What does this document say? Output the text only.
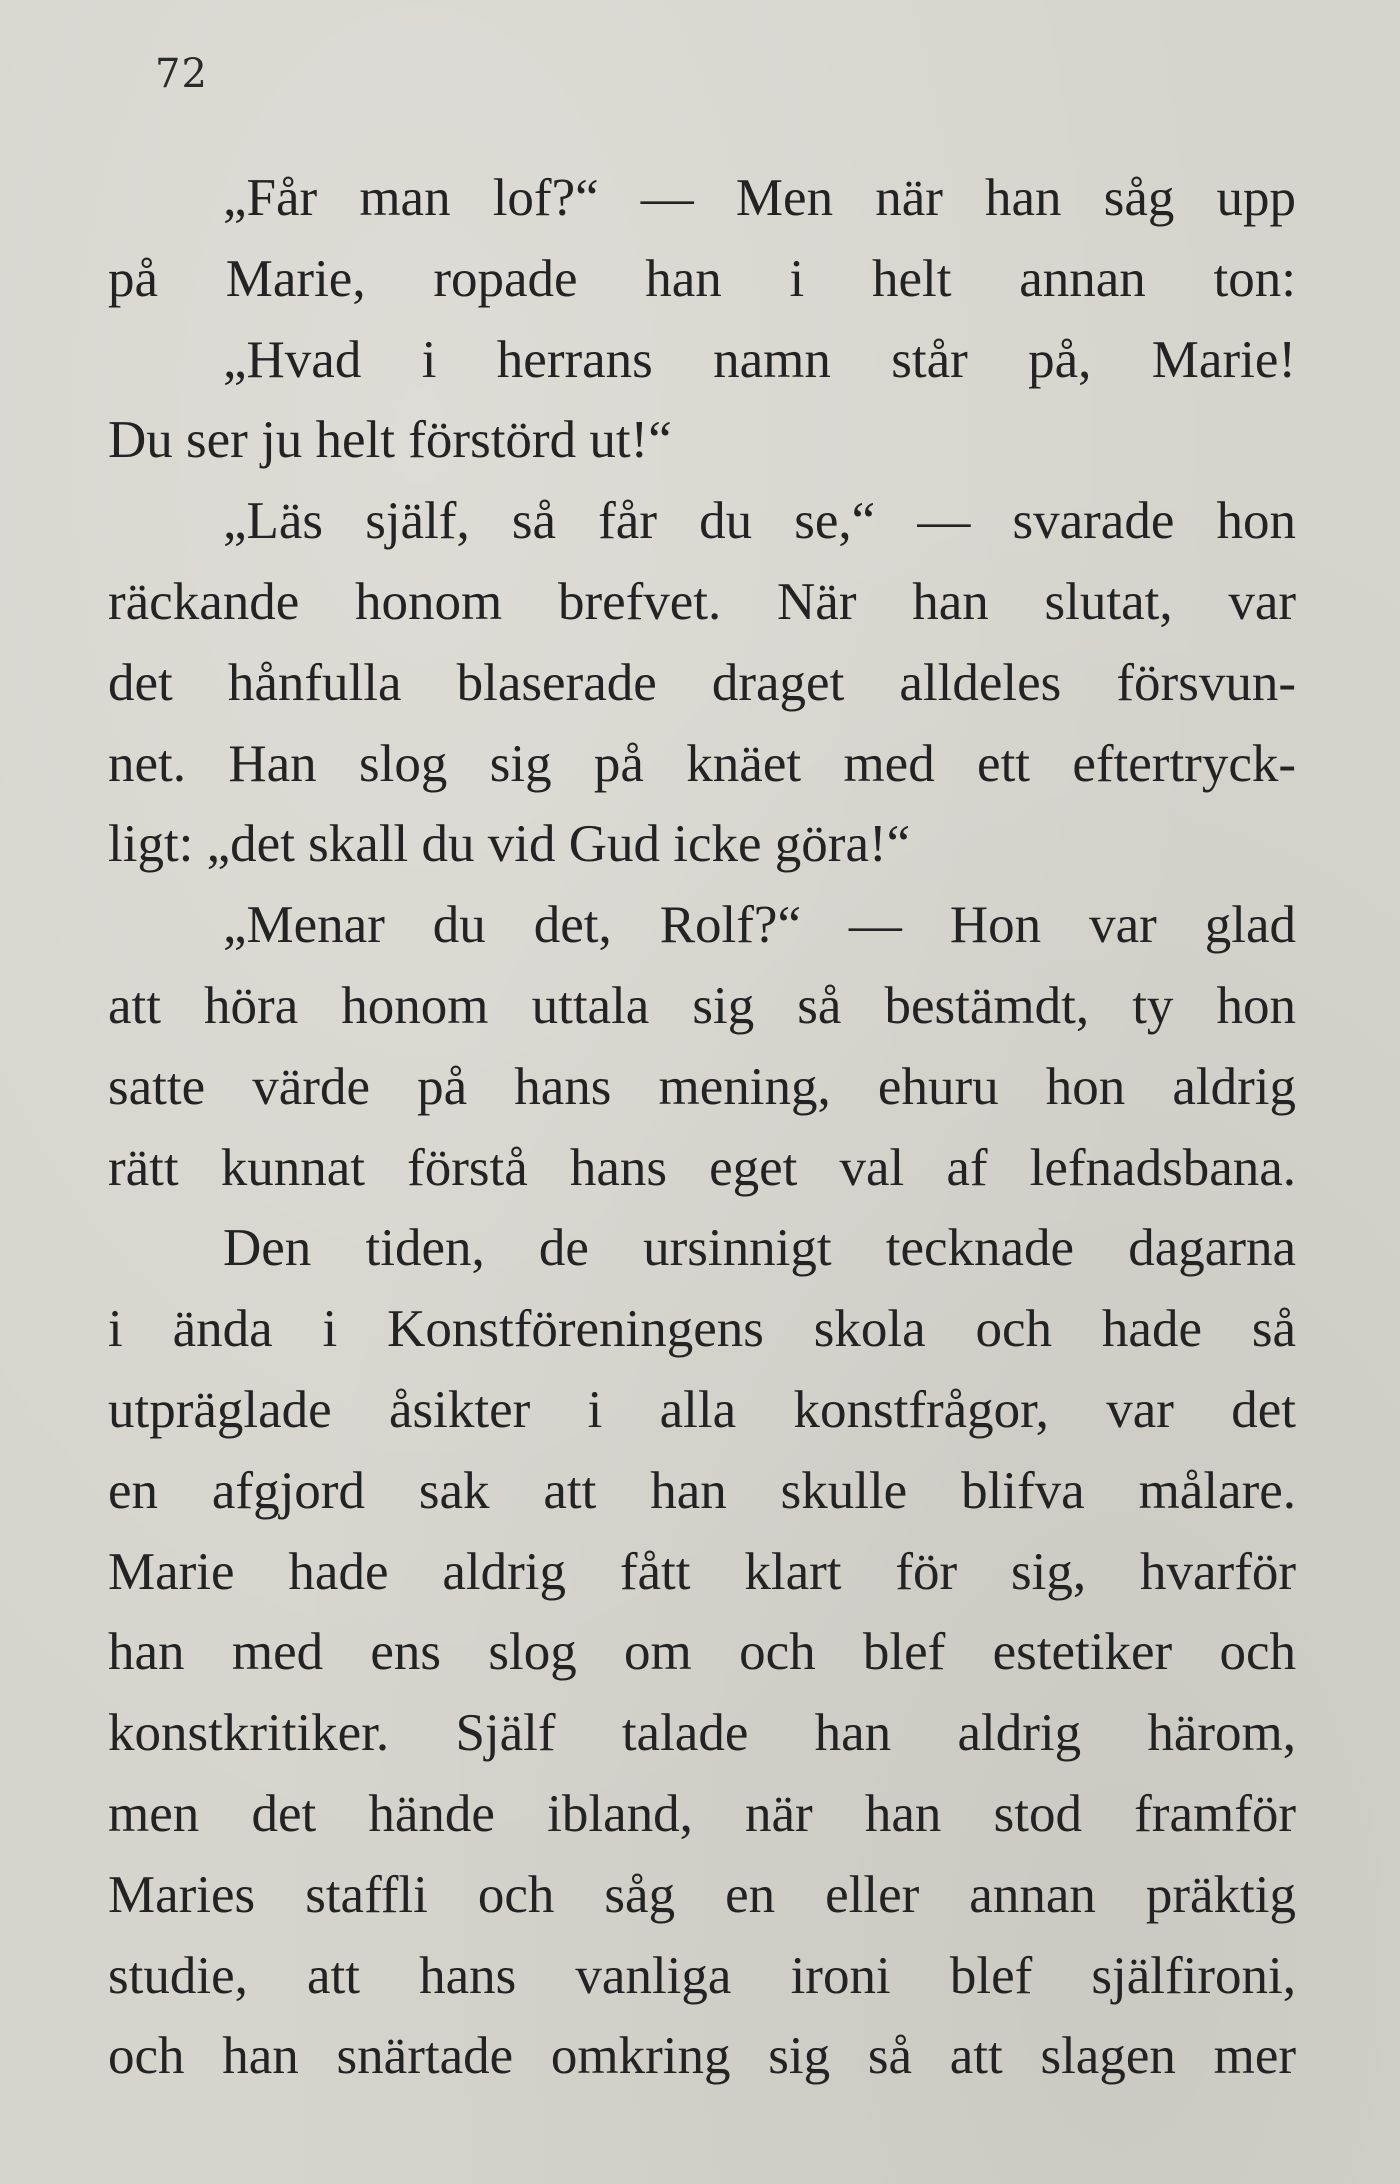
72
„Får man lof?“ — Men när han såg upp
på Marie, ropade han i helt annan ton:
„Hvad i herrans namn står på, Marie!
Du ser ju helt förstörd ut!“
„Läs själf, så får du se,“ — svarade hon
räckande honom brefvet. När han slutat, var
det hånfulla blaserade draget alldeles försvun-
net. Han slog sig på knäet med ett eftertryck-
ligt: „det skall du vid Gud icke göra!“
„Menar du det, Rolf?“ — Hon var glad
att höra honom uttala sig så bestämdt, ty hon
satte värde på hans mening, ehuru hon aldrig
rätt kunnat förstå hans eget val af lefnadsbana.
Den tiden, de ursinnigt tecknade dagarna
i ända i Konstföreningens skola och hade så
utpräglade åsikter i alla konstfrågor, var det
en afgjord sak att han skulle blifva målare.
Marie hade aldrig fått klart för sig, hvarför
han med ens slog om och blef estetiker och
konstkritiker. Själf talade han aldrig härom,
men det hände ibland, när han stod framför
Maries staffli och såg en eller annan präktig
studie, att hans vanliga ironi blef själfironi,
och han snärtade omkring sig så att slagen mer
